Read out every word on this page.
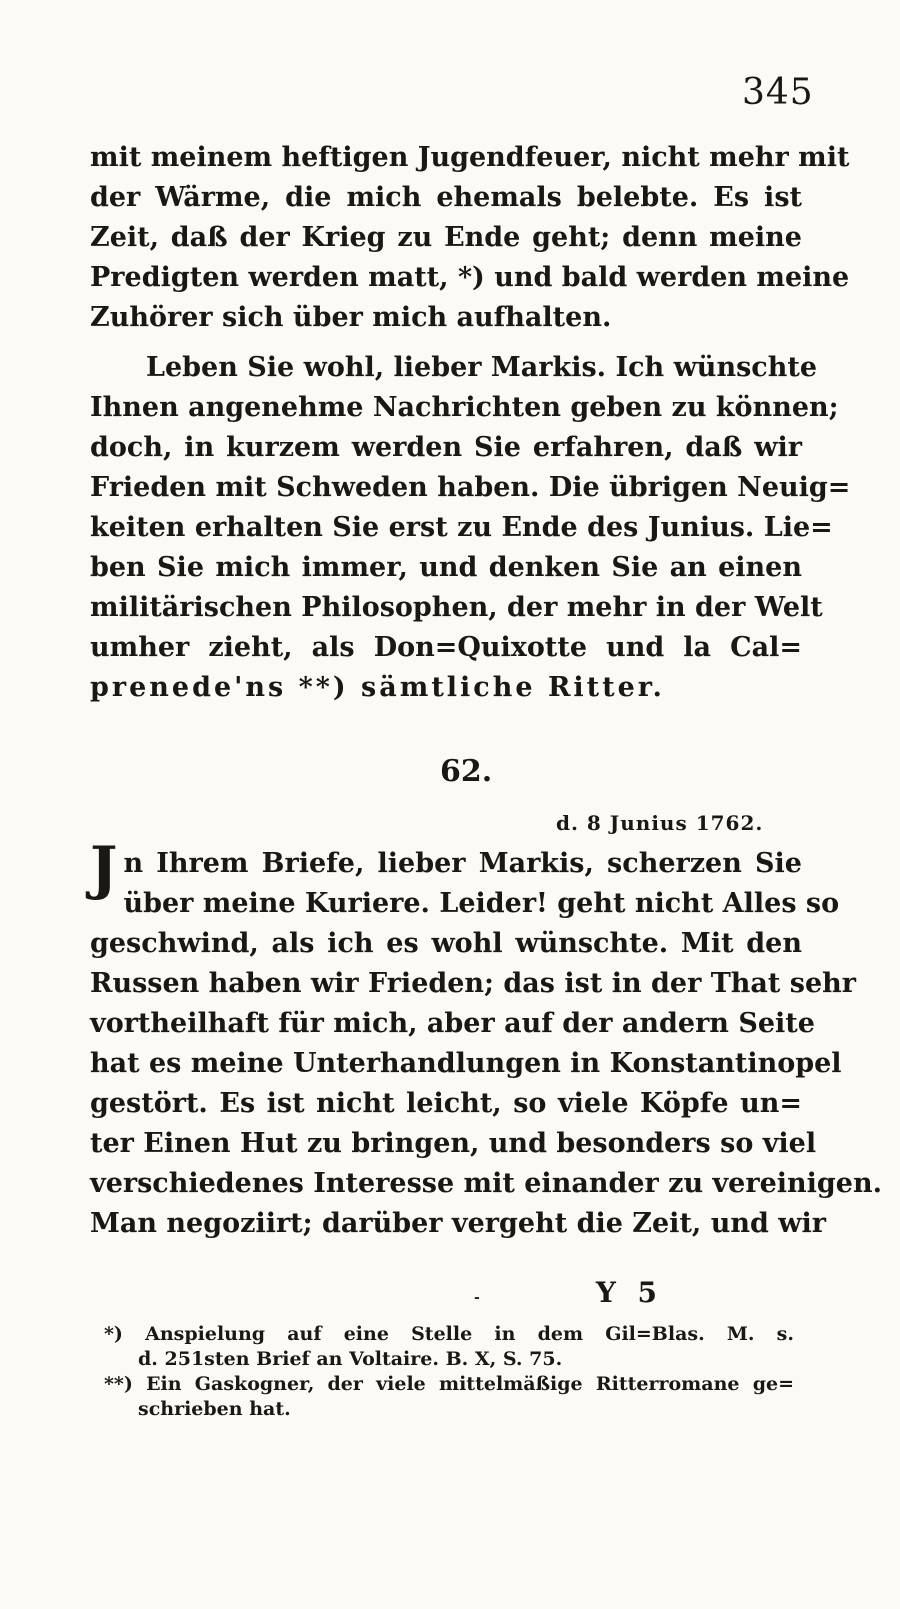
345
mit meinem heftigen Jugendfeuer, nicht mehr mit
der Wärme, die mich ehemals belebte. Es ist
Zeit, daß der Krieg zu Ende geht; denn meine
Predigten werden matt, *) und bald werden meine
Zuhörer sich über mich aufhalten.
Leben Sie wohl, lieber Markis. Ich wünschte
Ihnen angenehme Nachrichten geben zu können;
doch, in kurzem werden Sie erfahren, daß wir
Frieden mit Schweden haben. Die übrigen Neuig=
keiten erhalten Sie erst zu Ende des Junius. Lie=
ben Sie mich immer, und denken Sie an einen
militärischen Philosophen, der mehr in der Welt
umher zieht, als Don=Quixotte und la Cal=
prenede'ns **) sämtliche Ritter.
62.
d. 8 Junius 1762.
Jn Ihrem Briefe, lieber Markis, scherzen Sie
über meine Kuriere. Leider! geht nicht Alles so
geschwind, als ich es wohl wünschte. Mit den
Russen haben wir Frieden; das ist in der That sehr
vortheilhaft für mich, aber auf der andern Seite
hat es meine Unterhandlungen in Konstantinopel
gestört. Es ist nicht leicht, so viele Köpfe un=
ter Einen Hut zu bringen, und besonders so viel
verschiedenes Interesse mit einander zu vereinigen.
Man negoziirt; darüber vergeht die Zeit, und wir
-	Y 5
*) Anspielung auf eine Stelle in dem Gil=Blas. M. s.
d. 251sten Brief an Voltaire. B. X, S. 75.
**) Ein Gaskogner, der viele mittelmäßige Ritterromane ge=
schrieben hat.
